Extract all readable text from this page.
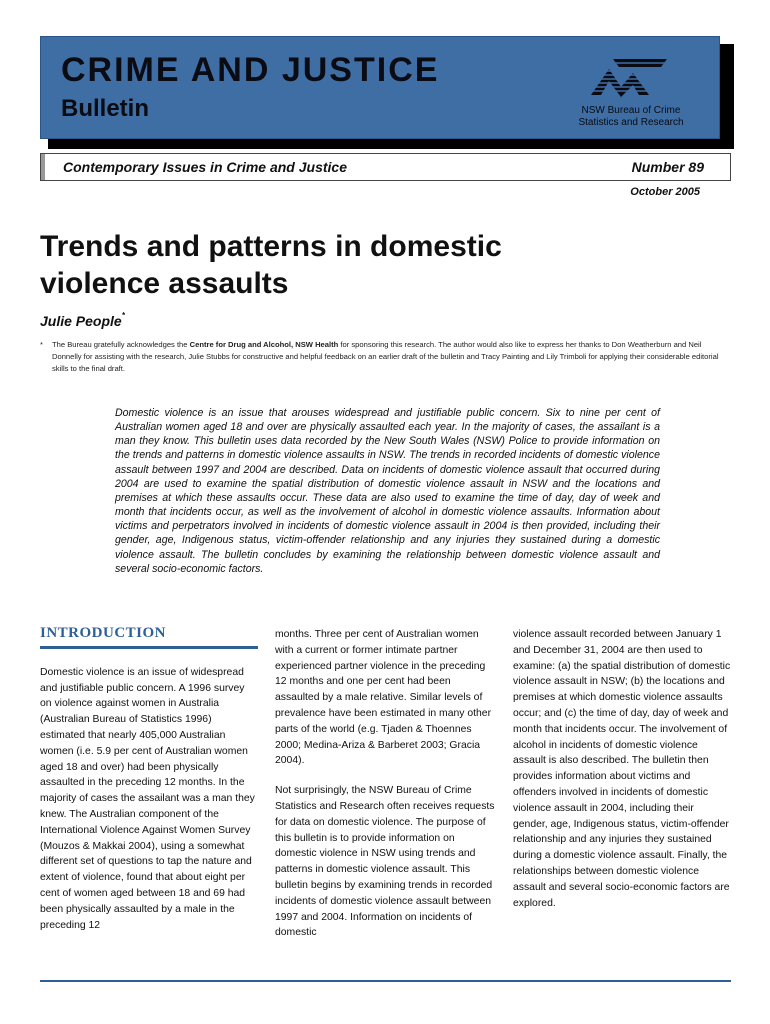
CRIME AND JUSTICE
Bulletin	NSW Bureau of Crime
Statistics and Research
Contemporary Issues in Crime and Justice	Number 89
October 2005
Trends and patterns in domestic
violence assaults
Julie People*
*	The Bureau gratefully acknowledges the Centre for Drug and Alcohol, NSW Health for sponsoring this research. The author would also like to express her thanks to Don Weatherburn and Neil Donnelly for assisting with the research, Julie Stubbs for constructive and helpful feedback on an earlier draft of the bulletin and Tracy Painting and Lily Trimboli for applying their considerable editorial skills to the final draft.
Domestic violence is an issue that arouses widespread and justifiable public concern. Six to nine per cent of Australian women aged 18 and over are physically assaulted each year. In the majority of cases, the assailant is a man they know. This bulletin uses data recorded by the New South Wales (NSW) Police to provide information on the trends and patterns in domestic violence assaults in NSW. The trends in recorded incidents of domestic violence assault between 1997 and 2004 are described. Data on incidents of domestic violence assault that occurred during 2004 are used to examine the spatial distribution of domestic violence assault in NSW and the locations and premises at which these assaults occur. These data are also used to examine the time of day, day of week and month that incidents occur, as well as the involvement of alcohol in domestic violence assaults. Information about victims and perpetrators involved in incidents of domestic violence assault in 2004 is then provided, including their gender, age, Indigenous status, victim-offender relationship and any injuries they sustained during a domestic violence assault. The bulletin concludes by examining the relationship between domestic violence assault and several socio-economic factors.
INTRODUCTION

Domestic violence is an issue of widespread and justifiable public concern. A 1996 survey on violence against women in Australia (Australian Bureau of Statistics 1996) estimated that nearly 405,000 Australian women (i.e. 5.9 per cent of Australian women aged 18 and over) had been physically assaulted in the preceding 12 months. In the majority of cases the assailant was a man they knew. The Australian component of the International Violence Against Women Survey (Mouzos & Makkai 2004), using a somewhat different set of questions to tap the nature and extent of violence, found that about eight per cent of women aged between 18 and 69 had been physically assaulted by a male in the preceding 12

months. Three per cent of Australian women with a current or former intimate partner experienced partner violence in the preceding 12 months and one per cent had been assaulted by a male relative. Similar levels of prevalence have been estimated in many other parts of the world (e.g. Tjaden & Thoennes 2000; Medina-Ariza & Barberet 2003; Gracia 2004).

Not surprisingly, the NSW Bureau of Crime Statistics and Research often receives requests for data on domestic violence. The purpose of this bulletin is to provide information on domestic violence in NSW using trends and patterns in domestic violence assault. This bulletin begins by examining trends in recorded incidents of domestic violence assault between 1997 and 2004. Information on incidents of domestic

violence assault recorded between January 1 and December 31, 2004 are then used to examine: (a) the spatial distribution of domestic violence assault in NSW; (b) the locations and premises at which domestic violence assaults occur; and (c) the time of day, day of week and month that incidents occur. The involvement of alcohol in incidents of domestic violence assault is also described. The bulletin then provides information about victims and offenders involved in incidents of domestic violence assault in 2004, including their gender, age, Indigenous status, victim-offender relationship and any injuries they sustained during a domestic violence assault. Finally, the relationships between domestic violence assault and several socio-economic factors are explored.
